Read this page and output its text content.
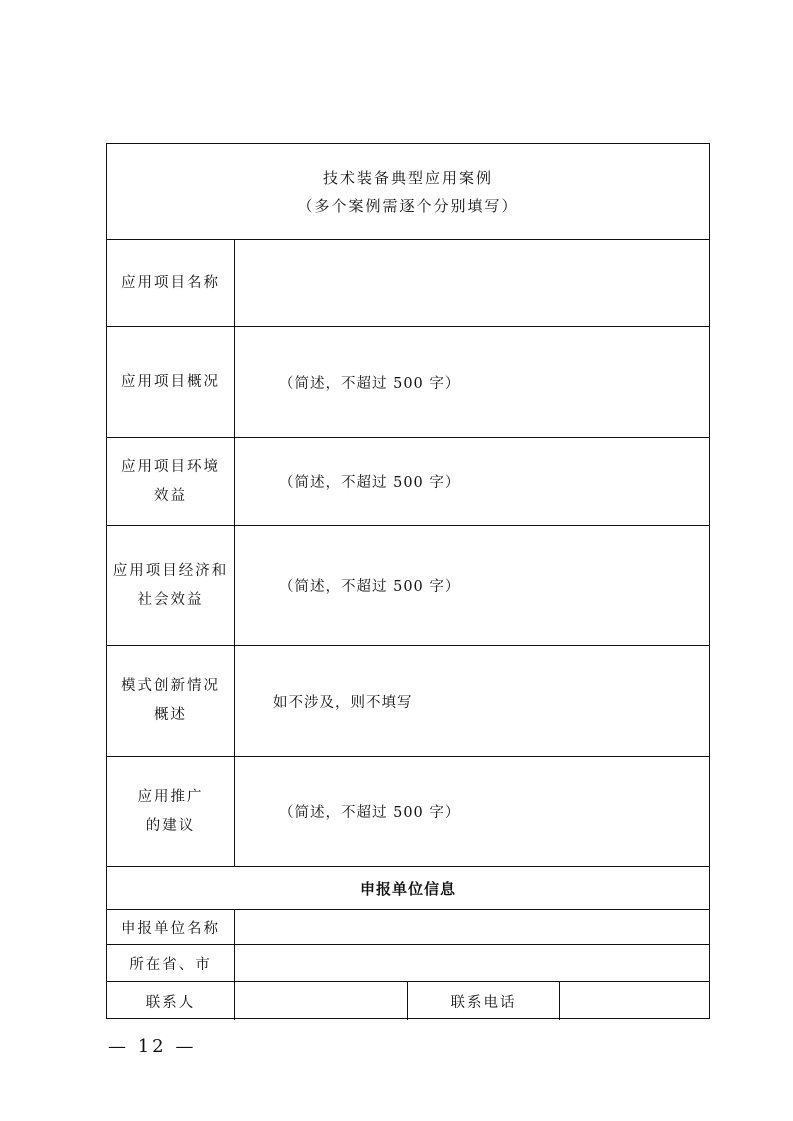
技术装备典型应用案例
（多个案例需逐个分别填写）
应用项目名称
应用项目概况	（简述，不超过 500 字）
应用项目环境
效益
（简述，不超过 500 字）
应用项目经济和
社会效益
（简述，不超过 500 字）
模式创新情况
概述
如不涉及，则不填写
应用推广
的建议
（简述，不超过 500 字）
申报单位信息
申报单位名称
所在省、市
联系人	联系电话
— 12 —
